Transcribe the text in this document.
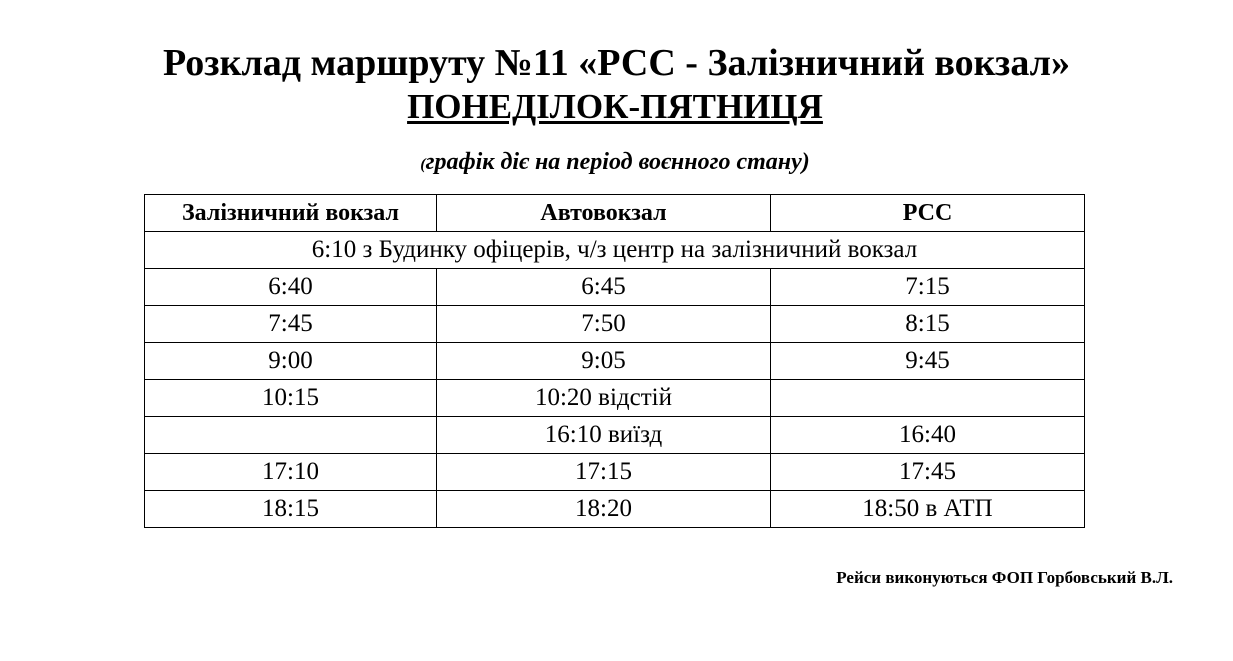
Розклад маршруту №11 «РСС - Залізничний вокзал»
ПОНЕДІЛОК-ПЯТНИЦЯ
(графік діє на період воєнного стану)
Залізничний вокзал	Автовокзал	РСС
6:10 з Будинку офіцерів, ч/з центр на залізничний вокзал		
6:40	6:45	7:15
7:45	7:50	8:15
9:00	9:05	9:45
10:15	10:20 відстій	
	16:10 виїзд	16:40
17:10	17:15	17:45
18:15	18:20	18:50 в АТП
Рейси виконуються ФОП Горбовський В.Л.
